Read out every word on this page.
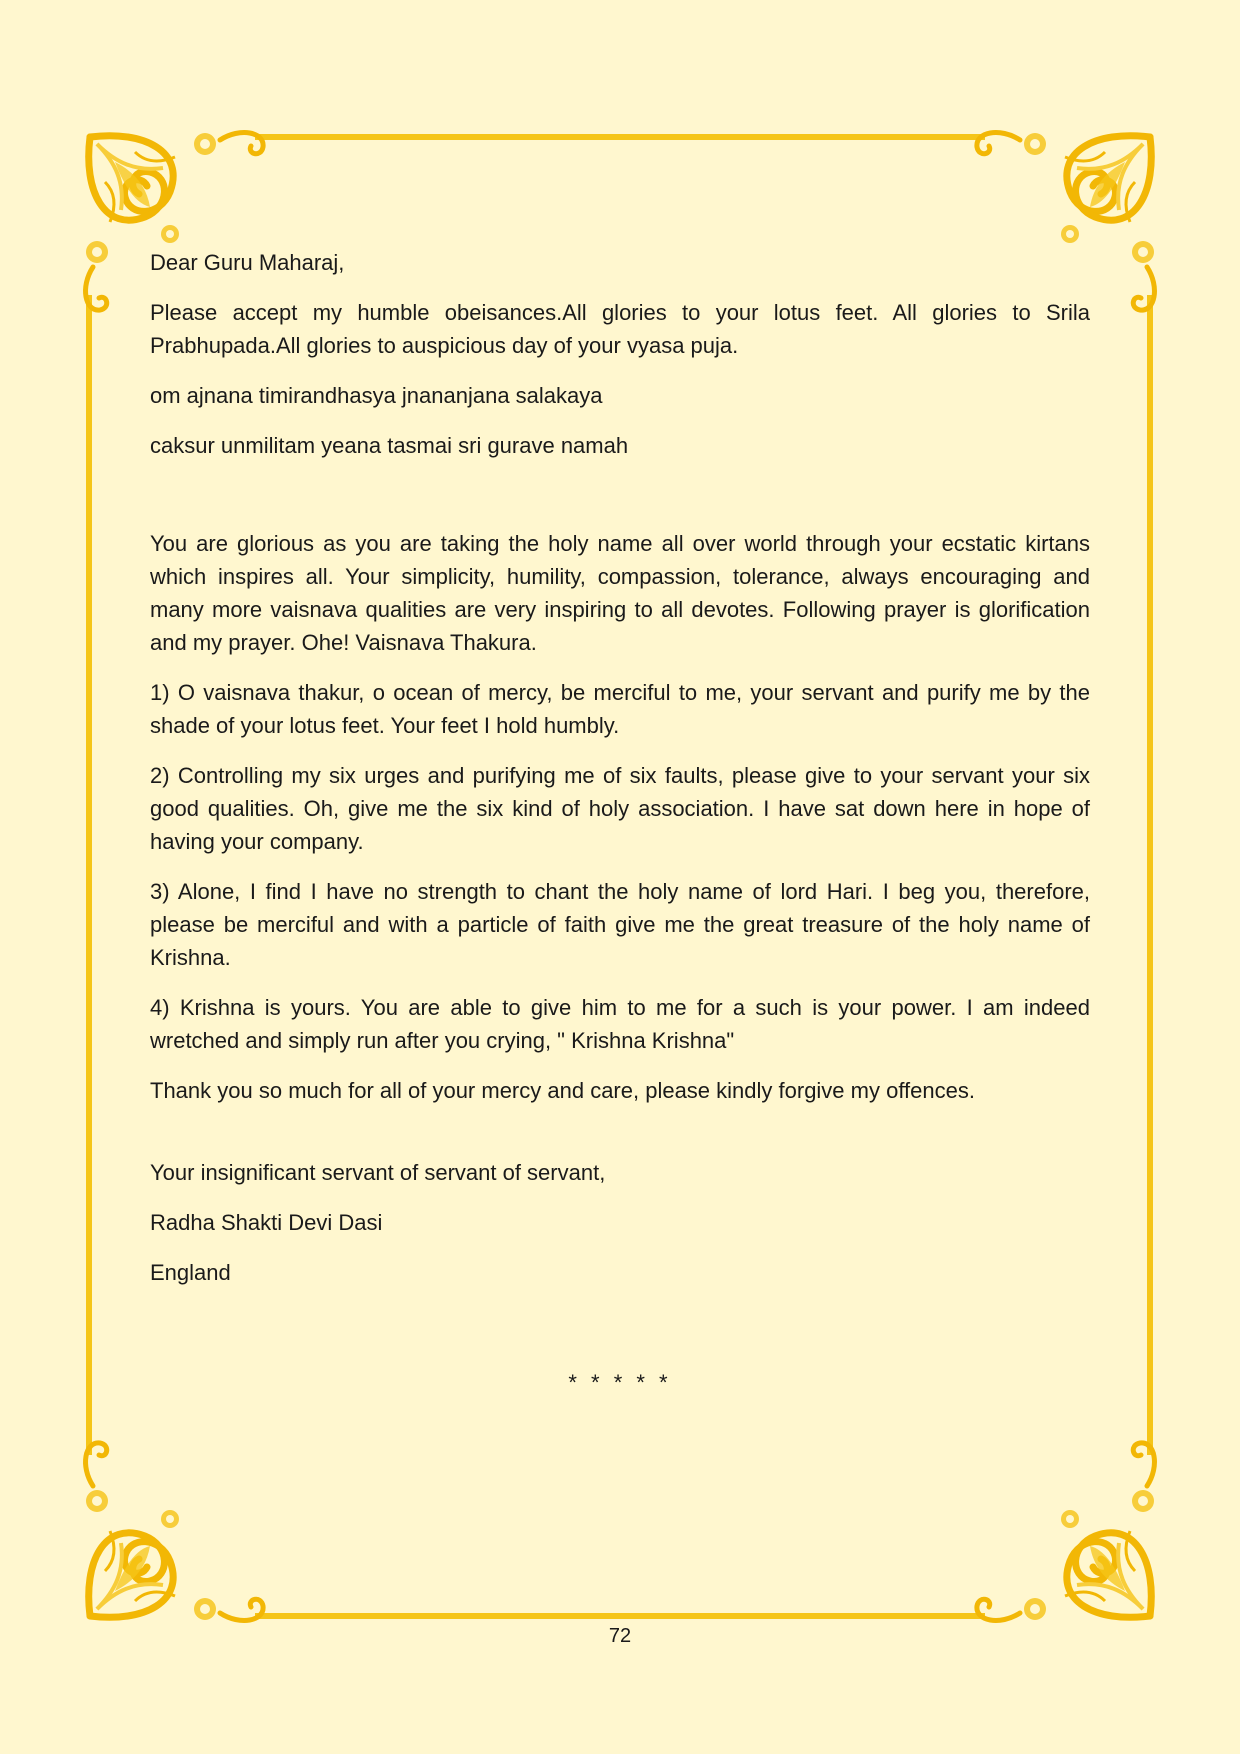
Dear Guru Maharaj,

Please accept my humble obeisances.All glories to your lotus feet. All glories to Srila Prabhupada.All glories to auspicious day of your vyasa puja.

om ajnana timirandhasya jnananjana salakaya

caksur unmilitam yeana tasmai sri gurave namah

You are glorious as you are taking the holy name all over world through your ecstatic kirtans which inspires all. Your simplicity, humility, compassion, tolerance, always encouraging and many more vaisnava qualities are very inspiring to all devotes. Following prayer is glorification and my prayer. Ohe! Vaisnava Thakura.

1) O vaisnava thakur, o ocean of mercy, be merciful to me, your servant and purify me by the shade of your lotus feet. Your feet I hold humbly.

2) Controlling my six urges and purifying me of six faults, please give to your servant your six good qualities. Oh, give me the six kind of holy association. I have sat down here in hope of having your company.

3) Alone, I find I have no strength to chant the holy name of lord Hari. I beg you, therefore, please be merciful and with a particle of faith give me the great treasure of the holy name of Krishna.

4) Krishna is yours. You are able to give him to me for a such is your power. I am indeed wretched and simply run after you crying, " Krishna Krishna"

Thank you so much for all of your mercy and care, please kindly forgive my offences.

Your insignificant servant of servant of servant,

Radha Shakti Devi Dasi

England

* * * * *
72
